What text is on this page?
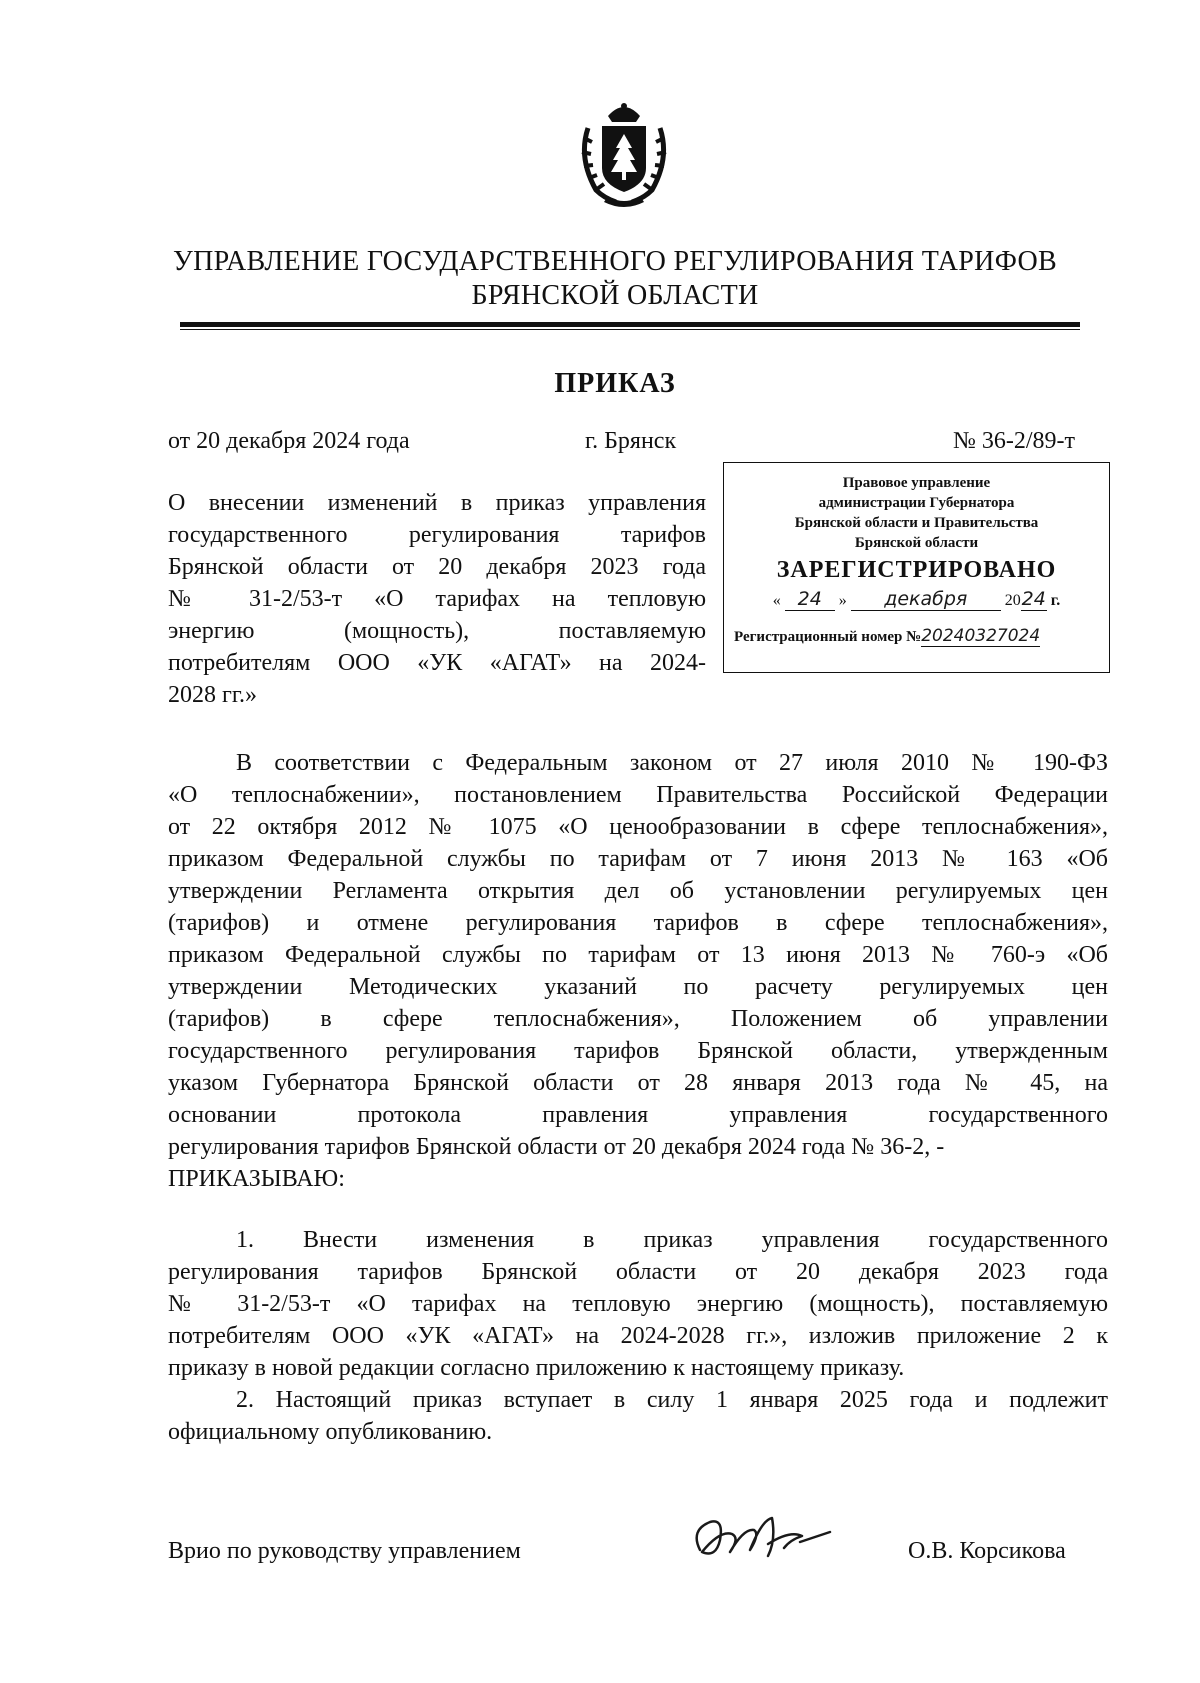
УПРАВЛЕНИЕ ГОСУДАРСТВЕННОГО РЕГУЛИРОВАНИЯ ТАРИФОВ
БРЯНСКОЙ ОБЛАСТИ
ПРИКАЗ
от 20 декабря 2024 года	г. Брянск	№ 36-2/89-т
О внесении изменений в приказ управления
государственного регулирования тарифов
Брянской области от 20 декабря 2023 года
№ 31-2/53-т «О тарифах на тепловую
энергию (мощность), поставляемую
потребителям ООО «УК «АГАТ» на 2024-
2028 гг.»
Правовое управление
администрации Губернатора
Брянской области и Правительства
Брянской области
ЗАРЕГИСТРИРОВАНО
« 24 » декабря 2024 г.
Регистрационный номер №20240327024
В соответствии с Федеральным законом от 27 июля 2010 № 190-ФЗ
«О теплоснабжении», постановлением Правительства Российской Федерации
от 22 октября 2012 № 1075 «О ценообразовании в сфере теплоснабжения»,
приказом Федеральной службы по тарифам от 7 июня 2013 № 163 «Об
утверждении Регламента открытия дел об установлении регулируемых цен
(тарифов) и отмене регулирования тарифов в сфере теплоснабжения»,
приказом Федеральной службы по тарифам от 13 июня 2013 № 760-э «Об
утверждении Методических указаний по расчету регулируемых цен
(тарифов) в сфере теплоснабжения», Положением об управлении
государственного регулирования тарифов Брянской области, утвержденным
указом Губернатора Брянской области от 28 января 2013 года № 45, на
основании протокола правления управления государственного
регулирования тарифов Брянской области от 20 декабря 2024 года № 36-2, -
ПРИКАЗЫВАЮ:
1. Внести изменения в приказ управления государственного
регулирования тарифов Брянской области от 20 декабря 2023 года
№ 31-2/53-т «О тарифах на тепловую энергию (мощность), поставляемую
потребителям ООО «УК «АГАТ» на 2024-2028 гг.», изложив приложение 2 к
приказу в новой редакции согласно приложению к настоящему приказу.
2. Настоящий приказ вступает в силу 1 января 2025 года и подлежит
официальному опубликованию.
Врио по руководству управлением	О.В. Корсикова
